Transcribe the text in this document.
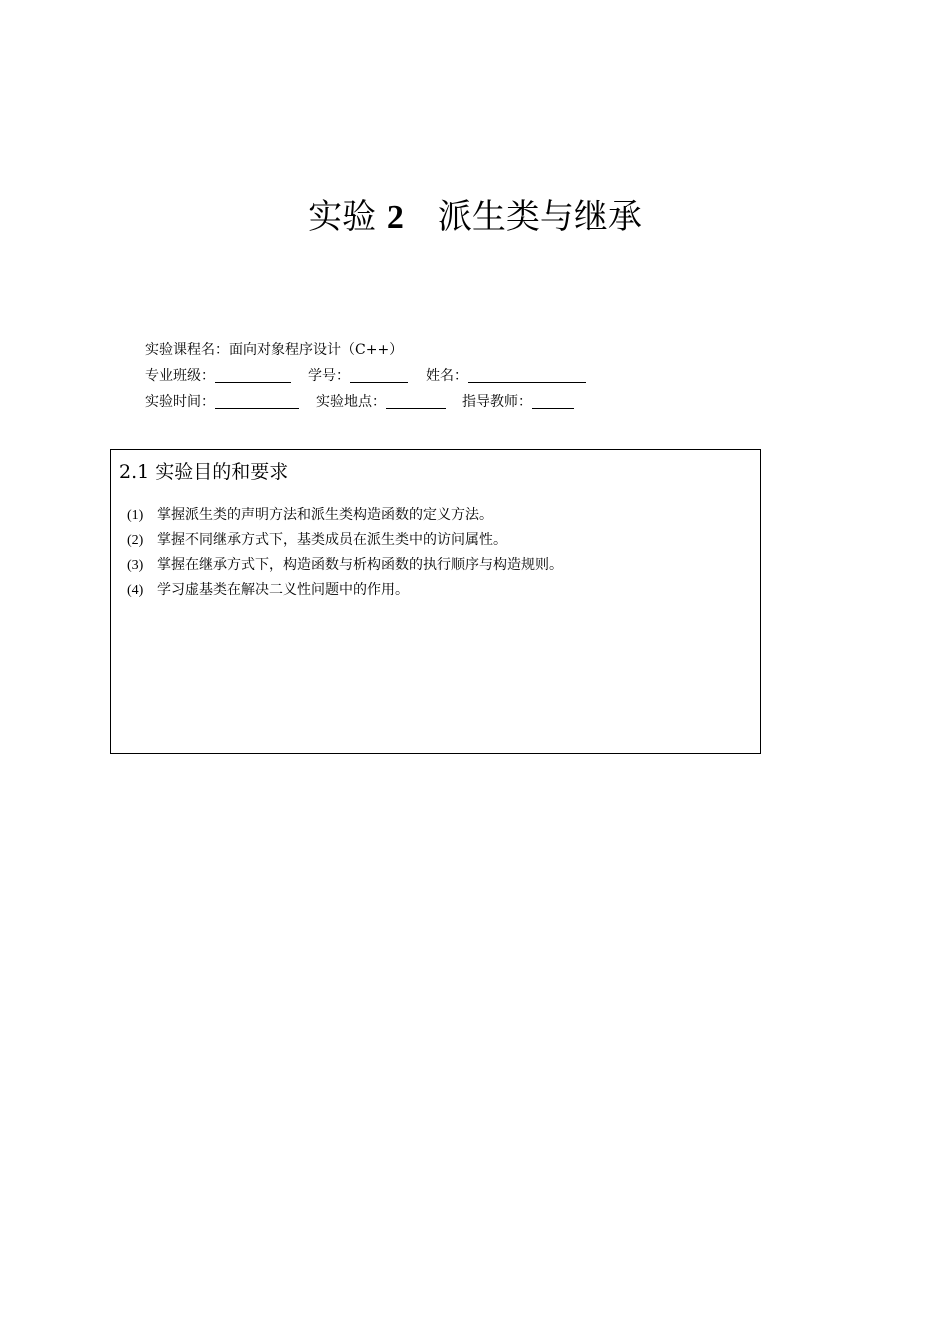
实验 2 派生类与继承
实验课程名：面向对象程序设计（C++）
专业班级：	学号：	姓名：
实验时间：	实验地点：	指导教师：
2.1 实验目的和要求
(1) 掌握派生类的声明方法和派生类构造函数的定义方法。
(2) 掌握不同继承方式下，基类成员在派生类中的访问属性。
(3) 掌握在继承方式下，构造函数与析构函数的执行顺序与构造规则。
(4) 学习虚基类在解决二义性问题中的作用。
